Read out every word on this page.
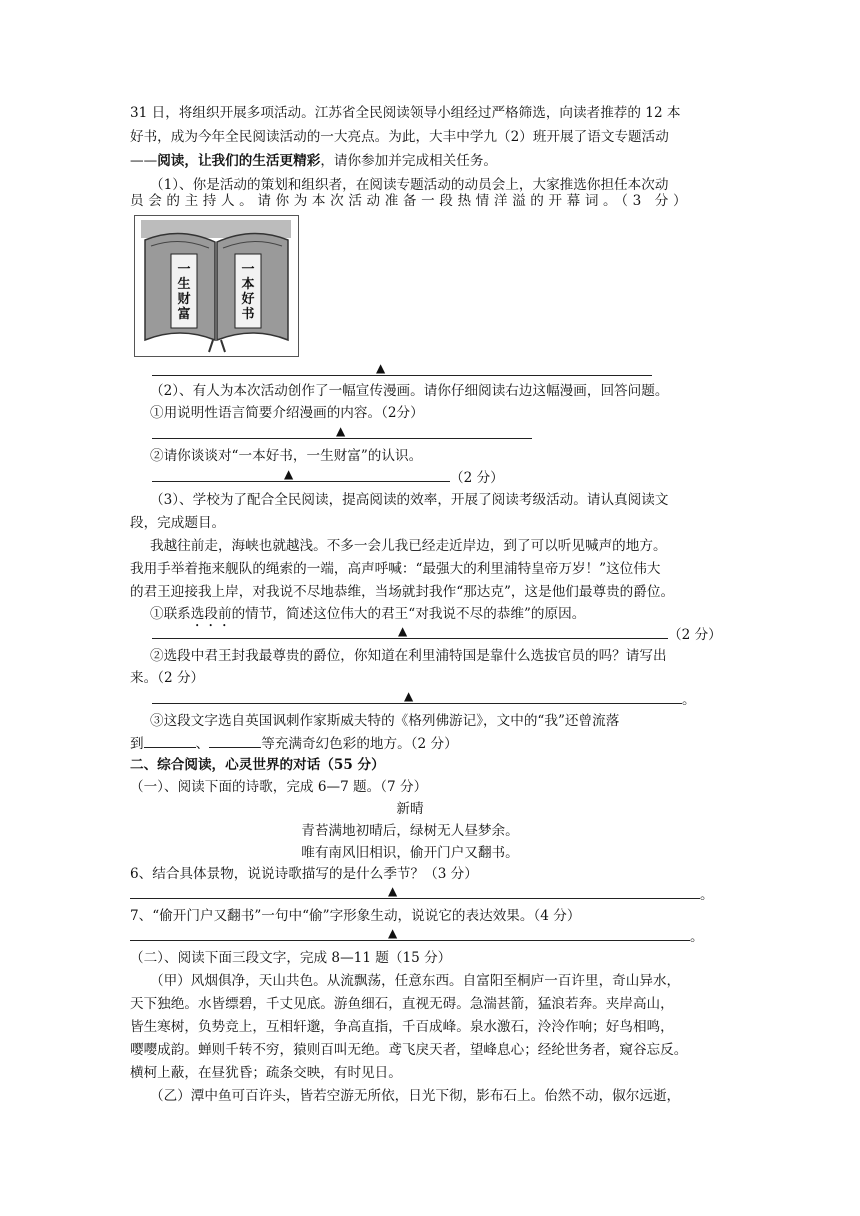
31 日，将组织开展多项活动。江苏省全民阅读领导小组经过严格筛选，向读者推荐的 12 本
好书，成为今年全民阅读活动的一大亮点。为此，大丰中学九（2）班开展了语文专题活动
——阅读，让我们的生活更精彩，请你参加并完成相关任务。
（1）、你是活动的策划和组织者，在阅读专题活动的动员会上，大家推选你担任本次动
员会的主持人。请你为本次活动准备一段热情洋溢的开幕词。（3 分）
一生财富
一本好书
▲
（2）、有人为本次活动创作了一幅宣传漫画。请你仔细阅读右边这幅漫画，回答问题。
①用说明性语言简要介绍漫画的内容。（2分）
▲
②请你谈谈对“一本好书，一生财富”的认识。
▲	（2 分）
（3）、学校为了配合全民阅读，提高阅读的效率，开展了阅读考级活动。请认真阅读文
段，完成题目。
我越往前走，海峡也就越浅。不多一会儿我已经走近岸边，到了可以听见喊声的地方。
我用手举着拖来舰队的绳索的一端，高声呼喊：“最强大的利里浦特皇帝万岁！”这位伟大
的君王迎接我上岸，对我说不尽地恭维，当场就封我作“那达克”，这是他们最尊贵的爵位。
①联系选段前的情节，简述这位伟大的君王“对我说不尽的恭维”的原因。
▲	（2 分）
②选段中君王封我最尊贵的爵位，你知道在利里浦特国是靠什么选拔官员的吗？请写出
来。（2 分）
▲	。
③这段文字选自英国讽刺作家斯威夫特的《格列佛游记》，文中的“我”还曾流落
到	、	等充满奇幻色彩的地方。（2 分）
二、综合阅读，心灵世界的对话（55 分）
（一）、阅读下面的诗歌，完成 6—7 题。（7 分）
新晴
青苔满地初晴后，绿树无人昼梦余。
唯有南风旧相识，偷开门户又翻书。
6、结合具体景物，说说诗歌描写的是什么季节？（3 分）
▲	。
7、“偷开门户又翻书”一句中“偷”字形象生动，说说它的表达效果。（4 分）
▲	。
（二）、阅读下面三段文字，完成 8—11 题（15 分）
（甲）风烟俱净，天山共色。从流飘荡，任意东西。自富阳至桐庐一百许里，奇山异水，
天下独绝。水皆缥碧，千丈见底。游鱼细石，直视无碍。急湍甚箭，猛浪若奔。夹岸高山，
皆生寒树，负势竞上，互相轩邈，争高直指，千百成峰。泉水激石，泠泠作响；好鸟相鸣，
嘤嘤成韵。蝉则千转不穷，猿则百叫无绝。鸢飞戾天者，望峰息心；经纶世务者，窥谷忘反。
横柯上蔽，在昼犹昏；疏条交映，有时见日。
（乙）潭中鱼可百许头，皆若空游无所依，日光下彻，影布石上。佁然不动，俶尔远逝，
